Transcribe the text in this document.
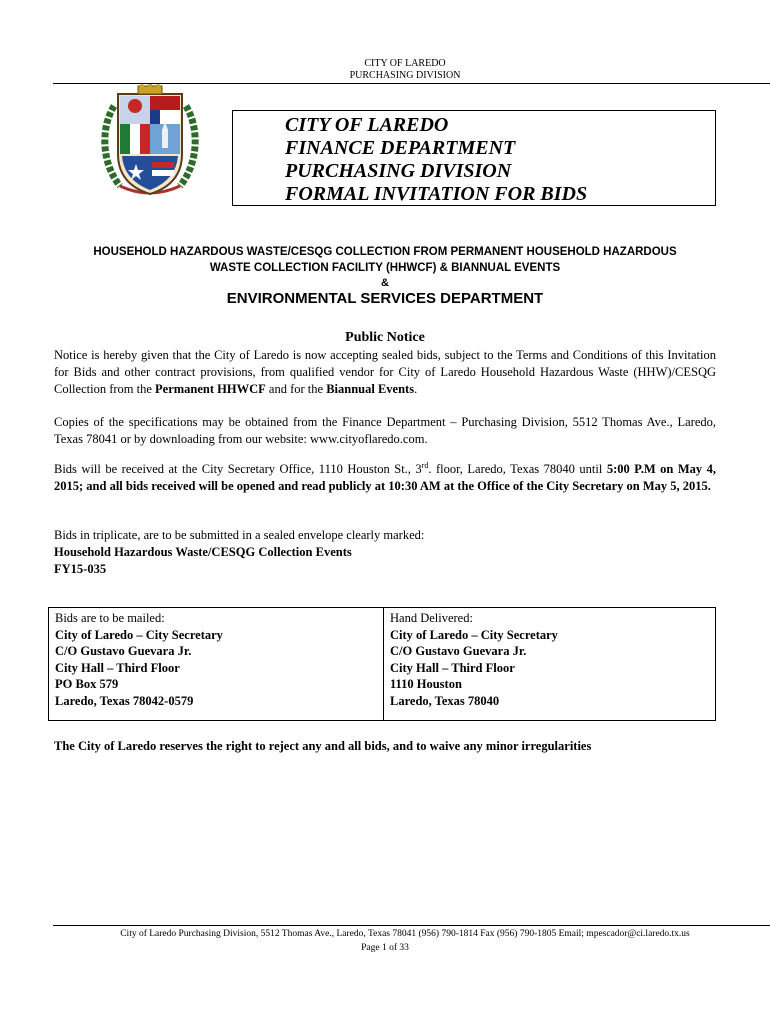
CITY OF LAREDO
PURCHASING DIVISION
CITY OF LAREDO
FINANCE DEPARTMENT
PURCHASING DIVISION
FORMAL INVITATION FOR BIDS
HOUSEHOLD HAZARDOUS WASTE/CESQG COLLECTION FROM PERMANENT HOUSEHOLD HAZARDOUS
WASTE COLLECTION FACILITY (HHWCF) & BIANNUAL EVENTS
&
ENVIRONMENTAL SERVICES DEPARTMENT
Public Notice
Notice is hereby given that the City of Laredo is now accepting sealed bids, subject to the Terms and Conditions of this Invitation for Bids and other contract provisions, from qualified vendor for City of Laredo Household Hazardous Waste (HHW)/CESQG Collection from the Permanent HHWCF and for the Biannual Events.
Copies of the specifications may be obtained from the Finance Department – Purchasing Division, 5512 Thomas Ave., Laredo, Texas 78041 or by downloading from our website: www.cityoflaredo.com.
Bids will be received at the City Secretary Office, 1110 Houston St., 3rd. floor, Laredo, Texas 78040 until 5:00 P.M on May 4, 2015; and all bids received will be opened and read publicly at 10:30 AM at the Office of the City Secretary on May 5, 2015.
Bids in triplicate, are to be submitted in a sealed envelope clearly marked:
Household Hazardous Waste/CESQG Collection Events
FY15-035
Bids are to be mailed:
City of Laredo – City Secretary
C/O Gustavo Guevara Jr.
City Hall – Third Floor
PO Box 579
Laredo, Texas 78042-0579
Hand Delivered:
City of Laredo – City Secretary
C/O Gustavo Guevara Jr.
City Hall – Third Floor
1110 Houston
Laredo, Texas 78040
The City of Laredo reserves the right to reject any and all bids, and to waive any minor irregularities
City of Laredo Purchasing Division, 5512 Thomas Ave., Laredo, Texas 78041 (956) 790-1814 Fax (956) 790-1805 Email; mpescador@ci.laredo.tx.us
Page 1 of 33
